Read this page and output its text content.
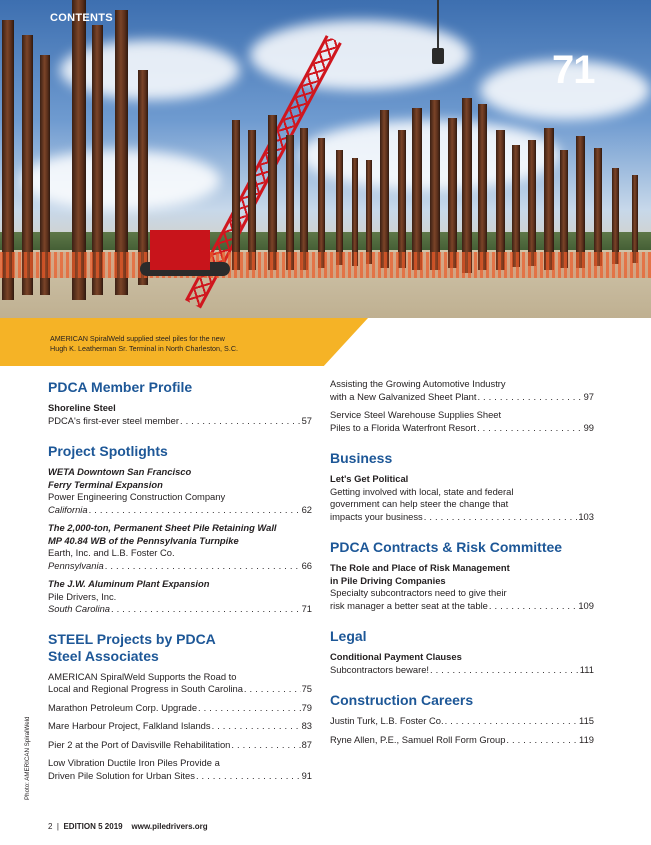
CONTENTS
71
AMERICAN SpiralWeld supplied steel piles for the new
Hugh K. Leatherman Sr. Terminal in North Charleston, S.C.
PDCA Member Profile
Shoreline Steel
PDCA's first-ever steel member . . .	57
Project Spotlights
WETA Downtown San Francisco
Ferry Terminal Expansion
Power Engineering Construction Company
California . . .	62
The 2,000-ton, Permanent Sheet Pile Retaining Wall
MP 40.84 WB of the Pennsylvania Turnpike
Earth, Inc. and L.B. Foster Co.
Pennsylvania . . .	66
The J.W. Aluminum Plant Expansion
Pile Drivers, Inc.
South Carolina . . .	71
STEEL Projects by PDCA
Steel Associates
AMERICAN SpiralWeld Supports the Road to
Local and Regional Progress in South Carolina . . .	75
Marathon Petroleum Corp. Upgrade . . .	79
Mare Harbour Project, Falkland Islands . . .	83
Pier 2 at the Port of Davisville Rehabilitation . . .	87
Low Vibration Ductile Iron Piles Provide a
Driven Pile Solution for Urban Sites . . .	91
Assisting the Growing Automotive Industry
with a New Galvanized Sheet Plant . . .	97
Service Steel Warehouse Supplies Sheet
Piles to a Florida Waterfront Resort . . .	99
Business
Let's Get Political
Getting involved with local, state and federal
government can help steer the change that
impacts your business . . .	103
PDCA Contracts & Risk Committee
The Role and Place of Risk Management
in Pile Driving Companies
Specialty subcontractors need to give their
risk manager a better seat at the table . . .	109
Legal
Conditional Payment Clauses
Subcontractors beware! . . .	111
Construction Careers
Justin Turk, L.B. Foster Co. . . .	115
Ryne Allen, P.E., Samuel Roll Form Group . . .	119
Photo: AMERICAN SpiralWeld
2  |  EDITION 5 2019 www.piledrivers.org
